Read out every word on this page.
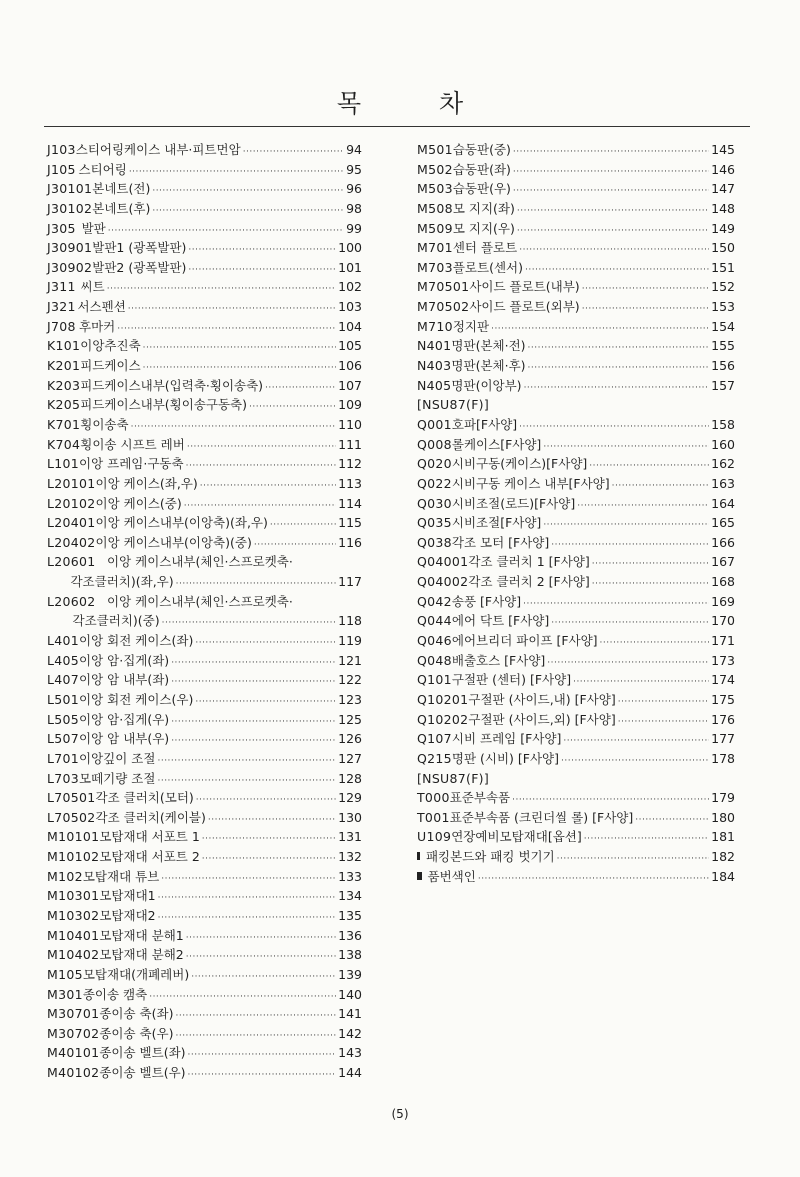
목	차
J103 스티어링케이스 내부·피트먼암 ·····	94
J105 스티어링 ·····	95
J30101 본네트(전) ·····	96
J30102 본네트(후) ·····	98
J305 발판 ·····	99
J30901 발판1 (광폭발판) ·····	100
J30902 발판2 (광폭발판) ·····	101
J311 씨트 ·····	102
J321 서스펜션 ·····	103
J708 후마커 ·····	104
K101 이앙추진축 ·····	105
K201 피드케이스 ·····	106
K203 피드케이스내부(입력축·횡이송축) ·····	107
K205 피드케이스내부(횡이송구동축) ·····	109
K701 횡이송축 ·····	110
K704 횡이송 시프트 레버 ·····	111
L101 이앙 프레임·구동축 ·····	112
L20101 이앙 케이스(좌,우) ·····	113
L20102 이앙 케이스(중) ·····	114
L20401 이앙 케이스내부(이앙축)(좌,우) ·····	115
L20402 이앙 케이스내부(이앙축)(중) ·····	116
L20601 이앙 케이스내부(체인·스프로켓축·
각조클러치)(좌,우) ·····	117
L20602 이앙 케이스내부(체인·스프로켓축·
각조클러치)(중) ·····	118
L401 이앙 회전 케이스(좌) ·····	119
L405 이앙 암·집게(좌) ·····	121
L407 이앙 암 내부(좌) ·····	122
L501 이앙 회전 케이스(우) ·····	123
L505 이앙 암·집게(우) ·····	125
L507 이앙 암 내부(우) ·····	126
L701 이앙깊이 조절 ·····	127
L703 모떼기량 조절 ·····	128
L70501 각조 클러치(모터) ·····	129
L70502 각조 클러치(케이블) ·····	130
M10101 모탑재대 서포트 1 ·····	131
M10102 모탑재대 서포트 2 ·····	132
M102 모탑재대 튜브 ·····	133
M10301 모탑재대1 ·····	134
M10302 모탑재대2 ·····	135
M10401 모탑재대 분해1 ·····	136
M10402 모탑재대 분해2 ·····	138
M105 모탑재대(개폐레버) ·····	139
M301 종이송 캠축 ·····	140
M30701 종이송 축(좌) ·····	141
M30702 종이송 축(우) ·····	142
M40101 종이송 벨트(좌) ·····	143
M40102 종이송 벨트(우) ·····	144
M501 습동판(중) ·····	145
M502 습동판(좌) ·····	146
M503 습동판(우) ·····	147
M508 모 지지(좌) ·····	148
M509 모 지지(우) ·····	149
M701 센터 플로트 ·····	150
M703 플로트(센서) ·····	151
M70501 사이드 플로트(내부) ·····	152
M70502 사이드 플로트(외부) ·····	153
M710 정지판 ·····	154
N401 명판(본체·전) ·····	155
N403 명판(본체·후) ·····	156
N405 명판(이앙부) ·····	157
[NSU87(F)]
Q001 호파[F사양] ·····	158
Q008 롤케이스[F사양] ·····	160
Q020 시비구동(케이스)[F사양] ·····	162
Q022 시비구동 케이스 내부[F사양] ·····	163
Q030 시비조절(로드)[F사양] ·····	164
Q035 시비조절[F사양] ·····	165
Q038 각조 모터 [F사양] ·····	166
Q04001 각조 클러치 1 [F사양] ·····	167
Q04002 각조 클러치 2 [F사양] ·····	168
Q042 송풍 [F사양] ·····	169
Q044 에어 닥트 [F사양] ·····	170
Q046 에어브리더 파이프 [F사양] ·····	171
Q048 배출호스 [F사양] ·····	173
Q101 구절판 (센터) [F사양] ·····	174
Q10201 구절판 (사이드,내) [F사양] ·····	175
Q10202 구절판 (사이드,외) [F사양] ·····	176
Q107 시비 프레임 [F사양] ·····	177
Q215 명판 (시비) [F사양] ·····	178
[NSU87(F)]
T000 표준부속품 ·····	179
T001 표준부속품 (크린더씰 롤) [F사양] ·····	180
U109 연장예비모탑재대[옵션] ·····	181
패킹본드와 패킹 벗기기 ·····	182
품번색인 ·····	184
(5)
